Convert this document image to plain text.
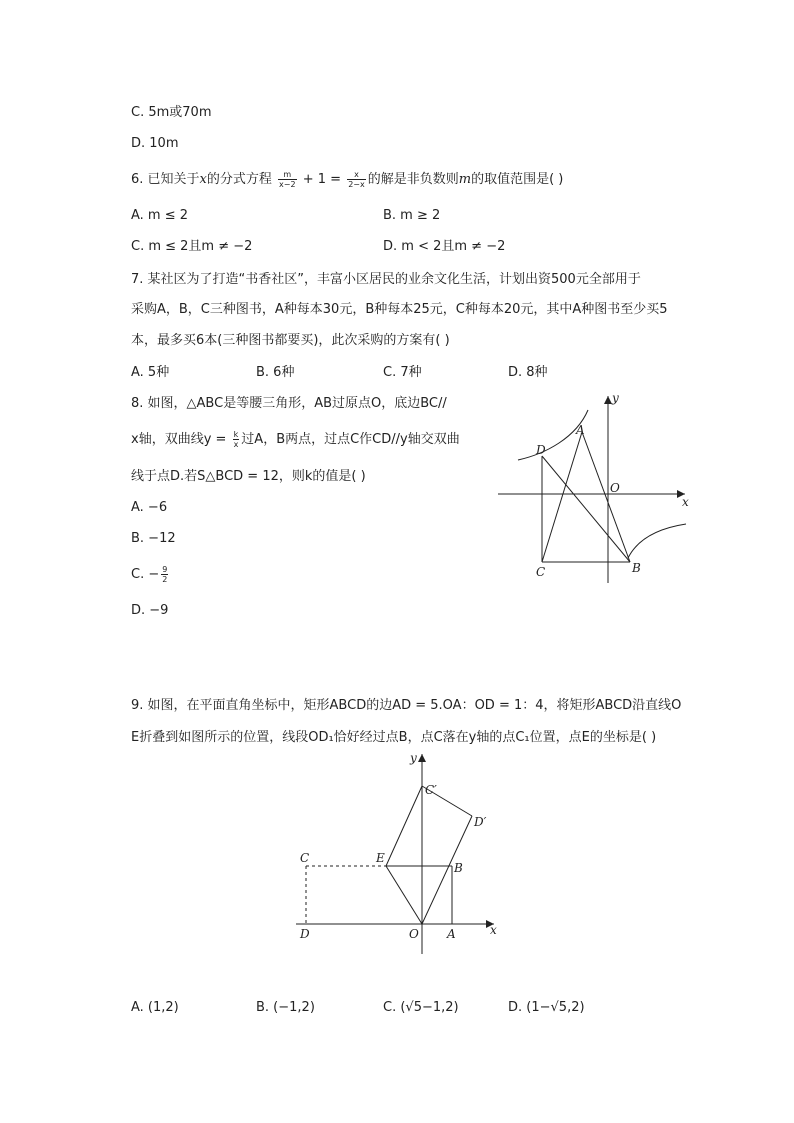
C. 5m或70m
D. 10m
6. 已知关于x的分式方程 $\frac{m}{x-2} + 1 = \frac{x}{2-x}$ 的解是非负数则m的取值范围是( )
A. m ≤ 2	B. m ≥ 2
C. m ≤ 2且m ≠ −2	D. m < 2且m ≠ −2
7. 某社区为了打造“书香社区”，丰富小区居民的业余文化生活，计划出资500元全部用于
采购A，B，C三种图书，A种每本30元，B种每本25元，C种每本20元，其中A种图书至少买5
本，最多买6本(三种图书都要买)，此次采购的方案有( )
A. 5种	B. 6种	C. 7种	D. 8种
8. 如图，△ABC是等腰三角形，AB过原点O，底边BC//
x轴，双曲线$y = \frac{k}{x}$ 过A，B两点，过点C作CD//y轴交双曲
线于点D.若S△BCD = 12，则k的值是( )
A. −6
B. −12
C. − $\frac{9}{2}$
D. −9
y
x
O
A
B
C
D
9. 如图，在平面直角坐标中，矩形ABCD的边AD = 5.OA：OD = 1：4，将矩形ABCD沿直线O
E折叠到如图所示的位置，线段OD₁恰好经过点B，点C落在y轴的点C₁位置，点E的坐标是( )
y
x
O A
B
C
D
E
C′
D′
A. (1,2)	B. (−1,2)	C. (√5−1,2)	D. (1−√5,2)
